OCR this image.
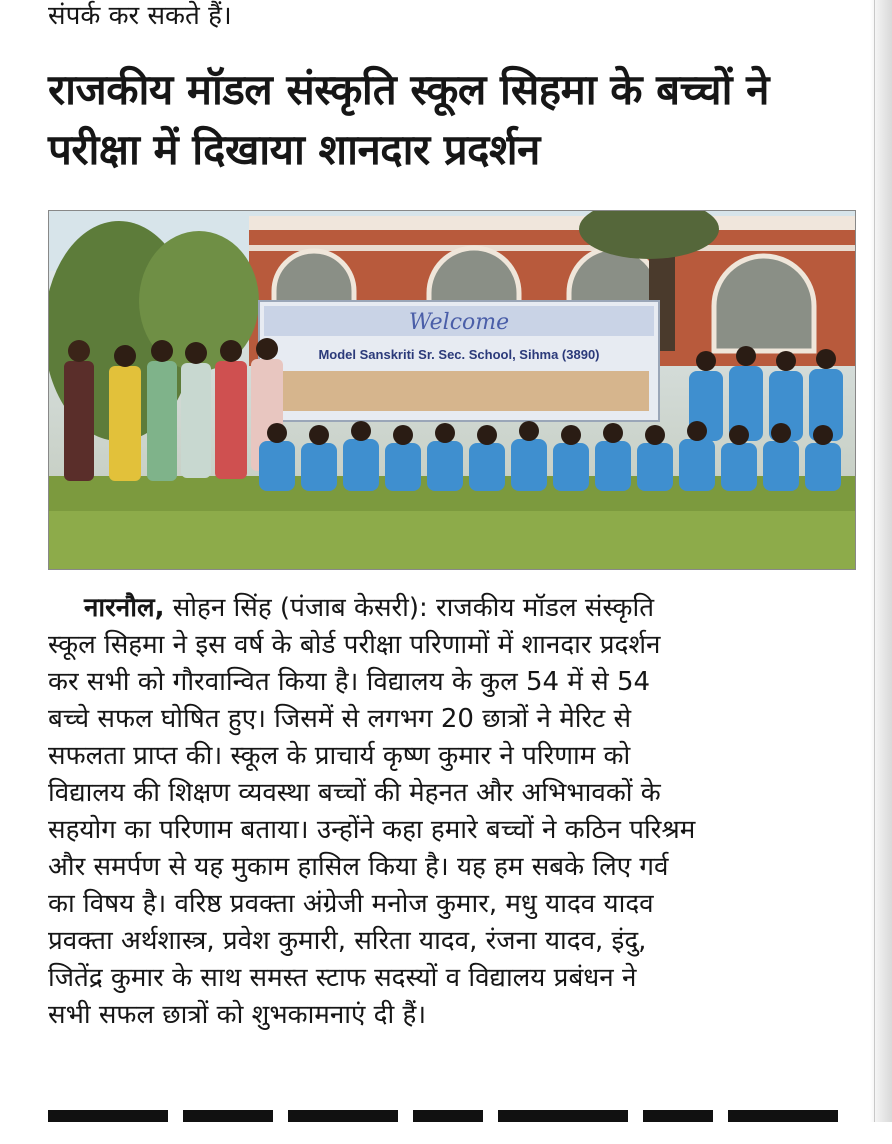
संपर्क कर सकते हैं।
राजकीय मॉडल संस्कृति स्कूल सिहमा के बच्चों ने
परीक्षा में दिखाया शानदार प्रदर्शन
Welcome
Model Sanskriti Sr. Sec. School, Sihma (3890)
नारनौल, सोहन सिंह (पंजाब केसरी): राजकीय मॉडल संस्कृति
स्कूल सिहमा ने इस वर्ष के बोर्ड परीक्षा परिणामों में शानदार प्रदर्शन
कर सभी को गौरवान्वित किया है। विद्यालय के कुल 54 में से 54
बच्चे सफल घोषित हुए। जिसमें से लगभग 20 छात्रों ने मेरिट से
सफलता प्राप्त की। स्कूल के प्राचार्य कृष्ण कुमार ने परिणाम को
विद्यालय की शिक्षण व्यवस्था बच्चों की मेहनत और अभिभावकों के
सहयोग का परिणाम बताया। उन्होंने कहा हमारे बच्चों ने कठिन परिश्रम
और समर्पण से यह मुकाम हासिल किया है। यह हम सबके लिए गर्व
का विषय है। वरिष्ठ प्रवक्ता अंग्रेजी मनोज कुमार, मधु यादव यादव
प्रवक्ता अर्थशास्त्र, प्रवेश कुमारी, सरिता यादव, रंजना यादव, इंदु,
जितेंद्र कुमार के साथ समस्त स्टाफ सदस्यों व विद्यालय प्रबंधन ने
सभी सफल छात्रों को शुभकामनाएं दी हैं।
